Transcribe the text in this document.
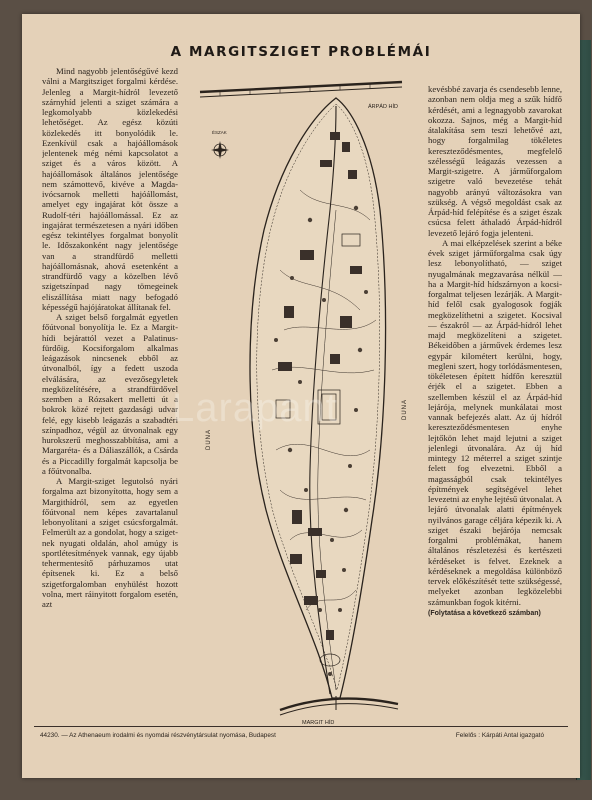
A MARGITSZIGET PROBLÉMÁI

Mind nagyobb jelentőségűvé kezd válni a Margitsziget forgalmi kérdése. Jelenleg a Margit-hídról levezető szárnyhíd jelenti a sziget számára a legkomolyabb közlekedési lehetőséget. Az egész közúti közlekedés itt bonyolódik le. Ezenkívül csak a hajóállomások jelentenek még némi kapcsolatot a sziget és a város között. A hajóállomások általános jelentősége nem számottevő, kivéve a Magda-ivócsarnok melletti hajóállomást, amelyet egy ingajárat köt össze a Rudolf-téri hajóállomással. Ez az ingajárat természetesen a nyári időben egész tekintélyes forgalmat bonyolít le. Időszakonként nagy jelentősége van a strandfürdő melletti hajóállomásnak, ahová esetenként a strandfürdő vagy a közelben lévő szigetszínpad nagy tömegeinek eliszállítása miatt nagy befogadó képességű hajójáratokat állítanak fel.

A sziget belső forgalmát egyetlen főútvonal bonyolítja le. Ez a Margit-hídi bejárattól vezet a Palatinus-fürdőig. Kocsiforgalom alkalmas leágazások nincsenek ebből az útvonalból, így a fedett uszoda elválására, az evezősegyletek megközelítésére, a strandfürdővel szemben a Rózsakert melletti út a bokrok közé rejtett gazdasági udvar felé, egy kisebb leágazás a szabadtéri színpadhoz, végül az útvonalnak egy hurokszerű meghosszabbítása, ami a Margaréta- és a Dáliaszállók, a Csárda és a Piccadilly forgalmát kapcsolja be a főútvonalba.

A Margit-sziget legutolsó nyári forgalma azt bizonyította, hogy sem a Margithídról, sem az egyetlen főútvonal nem képes zavartalanul lebonyolítani a sziget csúcsforgalmát. Felmerült az a gondolat, hogy a sziget-nek nyugati oldalán, ahol amúgy is sportlétesítmények vannak, egy újabb tehermentesítő párhuzamos utat építsenek ki. Ez a belső szigetforgalomban enyhülést hozott volna, mert ráinyitott forgalom esetén, azt

ÁRPÁD HÍD
MARGIT HÍD
ÉSZAK
DUNA
DUNA

kevésbbé zavarja és csendesebb lenne, azonban nem oldja meg a szűk hídfő kérdését, ami a legnagyobb zavarokat okozza. Sajnos, még a Margit-híd átalakítása sem teszi lehetővé azt, hogy forgalmilag tökéletes kereszteződésmentes, megfelelő szélességű leágazás vezessen a Margit-szigetre. A járműforgalom szigetre való bevezetése tehát nagyobb arányú változásokra van szükség. A végső megoldást csak az Árpád-híd felépítése és a sziget észak csúcsa felett áthaladó Árpád-hídról levezető lejáró fogja jelenteni.

A mai elképzelések szerint a béke évek sziget járműforgalma csak úgy lesz lebonyolítható, — sziget nyugalmának megzavarása nélkül — ha a Margit-híd hídszárnyon a kocsi-forgalmat teljesen lezárják. A Margit-híd felől csak gyalogosok fogják megközelíthetni a szigetet. Kocsival — északról — az Árpád-hídról lehet majd megközelíteni a szigetet. Békeidőben a járművek érdemes lesz egypár kilométert kerülni, hogy, megleni szert, hogy torlódásmentesen, tökéletesen épített hídfőn keresztül érjék el a szigetet. Ebben a szellemben készül el az Árpád-híd lejárója, melynek munkálatai most vannak befejezés alatt. Az új hídról kereszteződésmentesen enyhe lejtőkön lehet majd lejutni a sziget jelenlegi útvonalára. Az új híd mintegy 12 méterrel a sziget szintje felett fog elvezetni. Ebből a magasságból csak tekintélyes építmények segítségével lehet levezetni az enyhe lejtésű útvonalat. A lejáró útvonalak alatti építmények nyilvános garage céljára képezik ki. A sziget északi bejárója nemcsak forgalmi problémákat, hanem általános részletezési és kertészeti kérdéseket is felvet. Ezeknek a kérdéseknek a megoldása különböző tervek előkészítését tette szükségessé, melyeket azonban legközelebbi számunkban fogok kitérni.

(Folytatása a következő számban)

44230. — Az Athenaeum irodalmi és nyomdai részvénytársulat nyomása, Budapest	Felelős : Kárpáti Antal igazgató
Larapant
